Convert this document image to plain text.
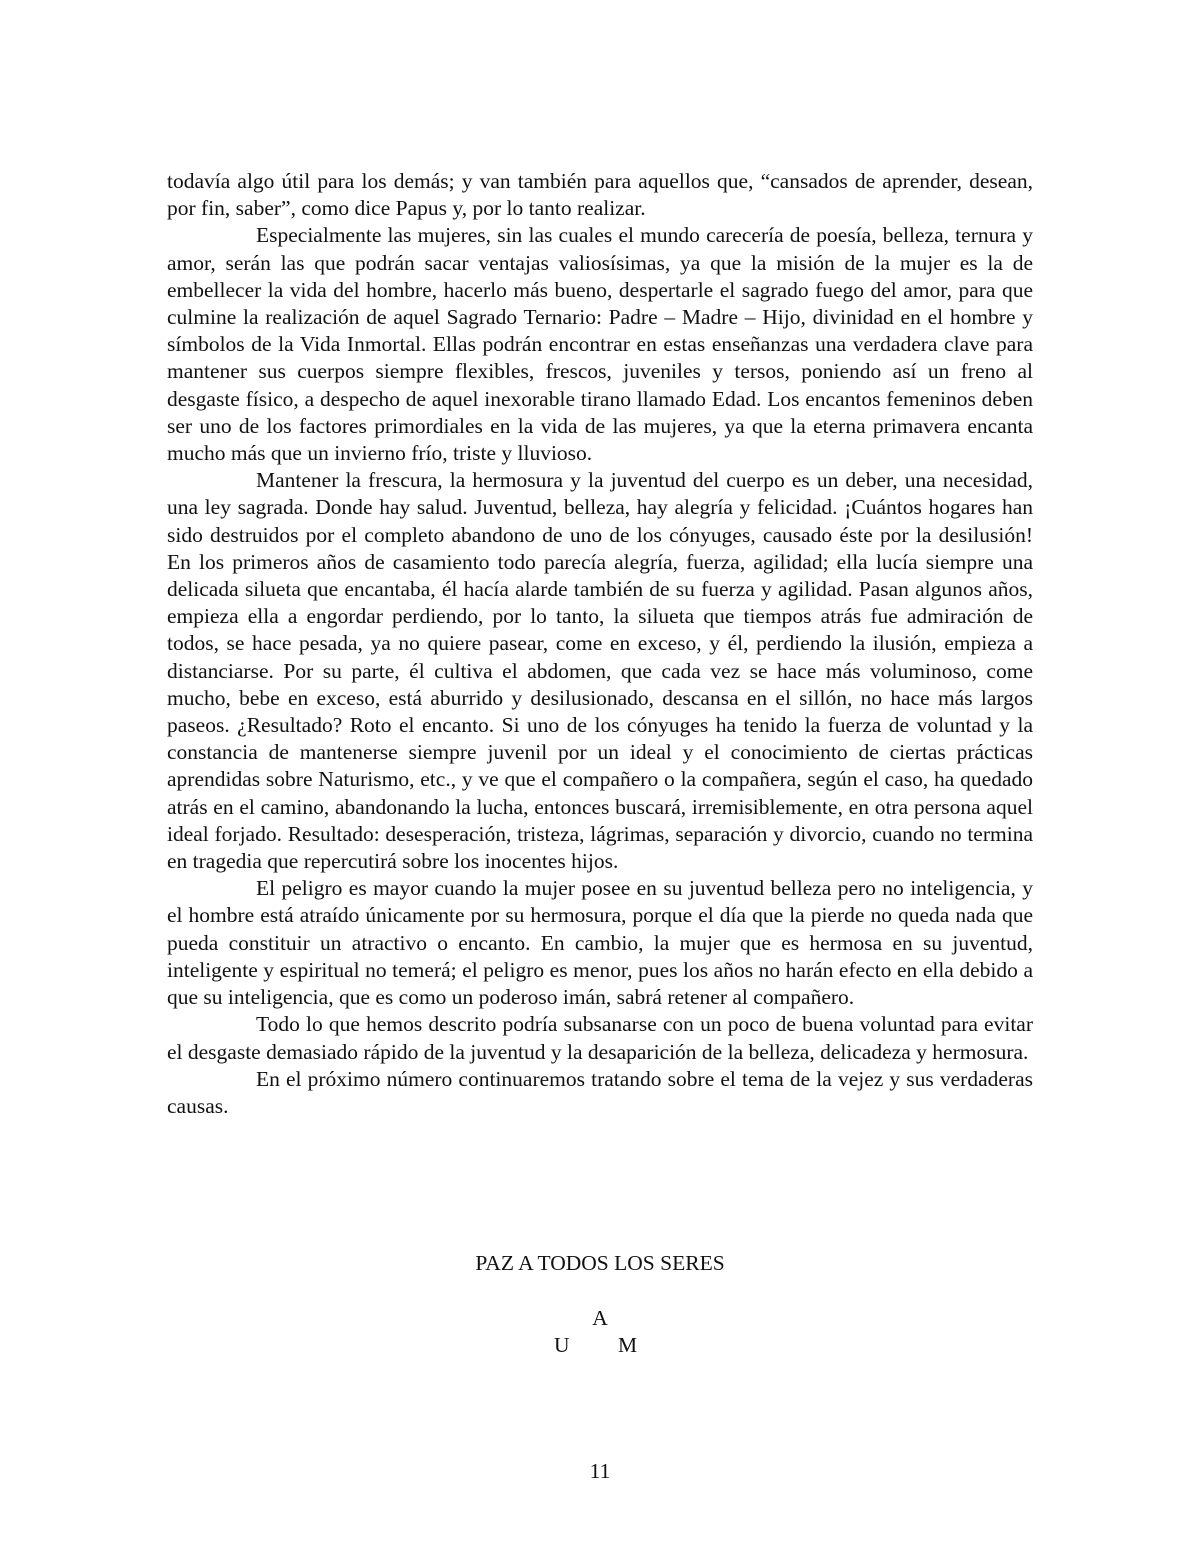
todavía algo útil para los demás; y van también para aquellos que, “cansados de aprender, desean, por fin, saber”, como dice Papus y, por lo tanto realizar.

Especialmente las mujeres, sin las cuales el mundo carecería de poesía, belleza, ternura y amor, serán las que podrán sacar ventajas valiosísimas, ya que la misión de la mujer es la de embellecer la vida del hombre, hacerlo más bueno, despertarle el sagrado fuego del amor, para que culmine la realización de aquel Sagrado Ternario: Padre – Madre – Hijo, divinidad en el hombre y símbolos de la Vida Inmortal. Ellas podrán encontrar en estas enseñanzas una verdadera clave para mantener sus cuerpos siempre flexibles, frescos, juveniles y tersos, poniendo así un freno al desgaste físico, a despecho de aquel inexorable tirano llamado Edad. Los encantos femeninos deben ser uno de los factores primordiales en la vida de las mujeres, ya que la eterna primavera encanta mucho más que un invierno frío, triste y lluvioso.

Mantener la frescura, la hermosura y la juventud del cuerpo es un deber, una necesidad, una ley sagrada. Donde hay salud. Juventud, belleza, hay alegría y felicidad. ¡Cuántos hogares han sido destruidos por el completo abandono de uno de los cónyuges, causado éste por la desilusión! En los primeros años de casamiento todo parecía alegría, fuerza, agilidad; ella lucía siempre una delicada silueta que encantaba, él hacía alarde también de su fuerza y agilidad. Pasan algunos años, empieza ella a engordar perdiendo, por lo tanto, la silueta que tiempos atrás fue admiración de todos, se hace pesada, ya no quiere pasear, come en exceso, y él, perdiendo la ilusión, empieza a distanciarse. Por su parte, él cultiva el abdomen, que cada vez se hace más voluminoso, come mucho, bebe en exceso, está aburrido y desilusionado, descansa en el sillón, no hace más largos paseos. ¿Resultado? Roto el encanto. Si uno de los cónyuges ha tenido la fuerza de voluntad y la constancia de mantenerse siempre juvenil por un ideal y el conocimiento de ciertas prácticas aprendidas sobre Naturismo, etc., y ve que el compañero o la compañera, según el caso, ha quedado atrás en el camino, abandonando la lucha, entonces buscará, irremisiblemente, en otra persona aquel ideal forjado. Resultado: desesperación, tristeza, lágrimas, separación y divorcio, cuando no termina en tragedia que repercutirá sobre los inocentes hijos.

El peligro es mayor cuando la mujer posee en su juventud belleza pero no inteligencia, y el hombre está atraído únicamente por su hermosura, porque el día que la pierde no queda nada que pueda constituir un atractivo o encanto. En cambio, la mujer que es hermosa en su juventud, inteligente y espiritual no temerá; el peligro es menor, pues los años no harán efecto en ella debido a que su inteligencia, que es como un poderoso imán, sabrá retener al compañero.

Todo lo que hemos descrito podría subsanarse con un poco de buena voluntad para evitar el desgaste demasiado rápido de la juventud y la desaparición de la belleza, delicadeza y hermosura.

En el próximo número continuaremos tratando sobre el tema de la vejez y sus verdaderas causas.

PAZ A TODOS LOS SERES
A
U M
11
